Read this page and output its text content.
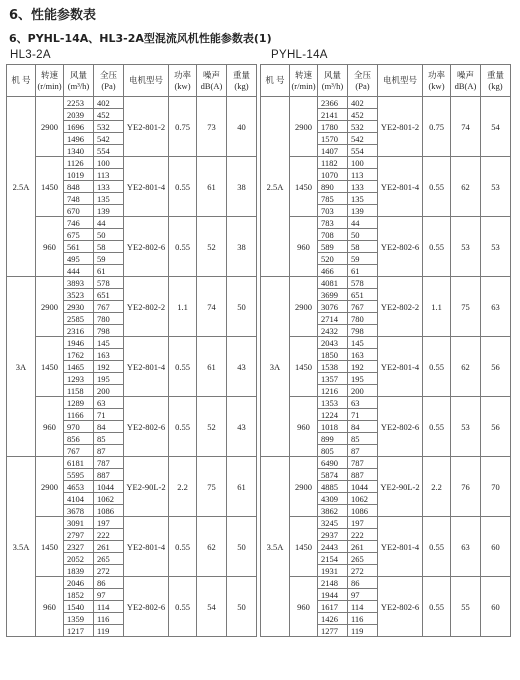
6、性能参数表
6、PYHL-14A、HL3-2A型混流风机性能参数表(1)
HL3-2A	PYHL-14A
机 号	转速 (r/min)	风量 (m³/h)	全压 (Pa)	电机型号	功率 (kw)	噪声 dB(A)	重量 (kg)
2.5A	2900	2253	402	YE2-801-2	0.75	73	40
		2039	452				
		1696	532				
		1496	542				
		1340	554				
	1450	1126	100	YE2-801-4	0.55	61	38
		1019	113				
		848	133				
		748	135				
		670	139				
	960	746	44	YE2-802-6	0.55	52	38
		675	50				
		561	58				
		495	59				
		444	61				
3A	2900	3893	578	YE2-802-2	1.1	74	50
		3523	651				
		2930	767				
		2585	780				
		2316	798				
	1450	1946	145	YE2-801-4	0.55	61	43
		1762	163				
		1465	192				
		1293	195				
		1158	200				
	960	1289	63	YE2-802-6	0.55	52	43
		1166	71				
		970	84				
		856	85				
		767	87				
3.5A	2900	6181	787	YE2-90L-2	2.2	75	61
		5595	887				
		4653	1044				
		4104	1062				
		3678	1086				
	1450	3091	197	YE2-801-4	0.55	62	50
		2797	222				
		2327	261				
		2052	265				
		1839	272				
	960	2046	86	YE2-802-6	0.55	54	50
		1852	97				
		1540	114				
		1359	116				
		1217	119				
机 号	转速 (r/min)	风量 (m³/h)	全压 (Pa)	电机型号	功率 (kw)	噪声 dB(A)	重量 (kg)
2.5A	2900	2366	402	YE2-801-2	0.75	74	54
		2141	452				
		1780	532				
		1570	542				
		1407	554				
	1450	1182	100	YE2-801-4	0.55	62	53
		1070	113				
		890	133				
		785	135				
		703	139				
	960	783	44	YE2-802-6	0.55	53	53
		708	50				
		589	58				
		520	59				
		466	61				
3A	2900	4081	578	YE2-802-2	1.1	75	63
		3699	651				
		3076	767				
		2714	780				
		2432	798				
	1450	2043	145	YE2-801-4	0.55	62	56
		1850	163				
		1538	192				
		1357	195				
		1216	200				
	960	1353	63	YE2-802-6	0.55	53	56
		1224	71				
		1018	84				
		899	85				
		805	87				
3.5A	2900	6490	787	YE2-90L-2	2.2	76	70
		5874	887				
		4885	1044				
		4309	1062				
		3862	1086				
	1450	3245	197	YE2-801-4	0.55	63	60
		2937	222				
		2443	261				
		2154	265				
		1931	272				
	960	2148	86	YE2-802-6	0.55	55	60
		1944	97				
		1617	114				
		1426	116				
		1277	119				
